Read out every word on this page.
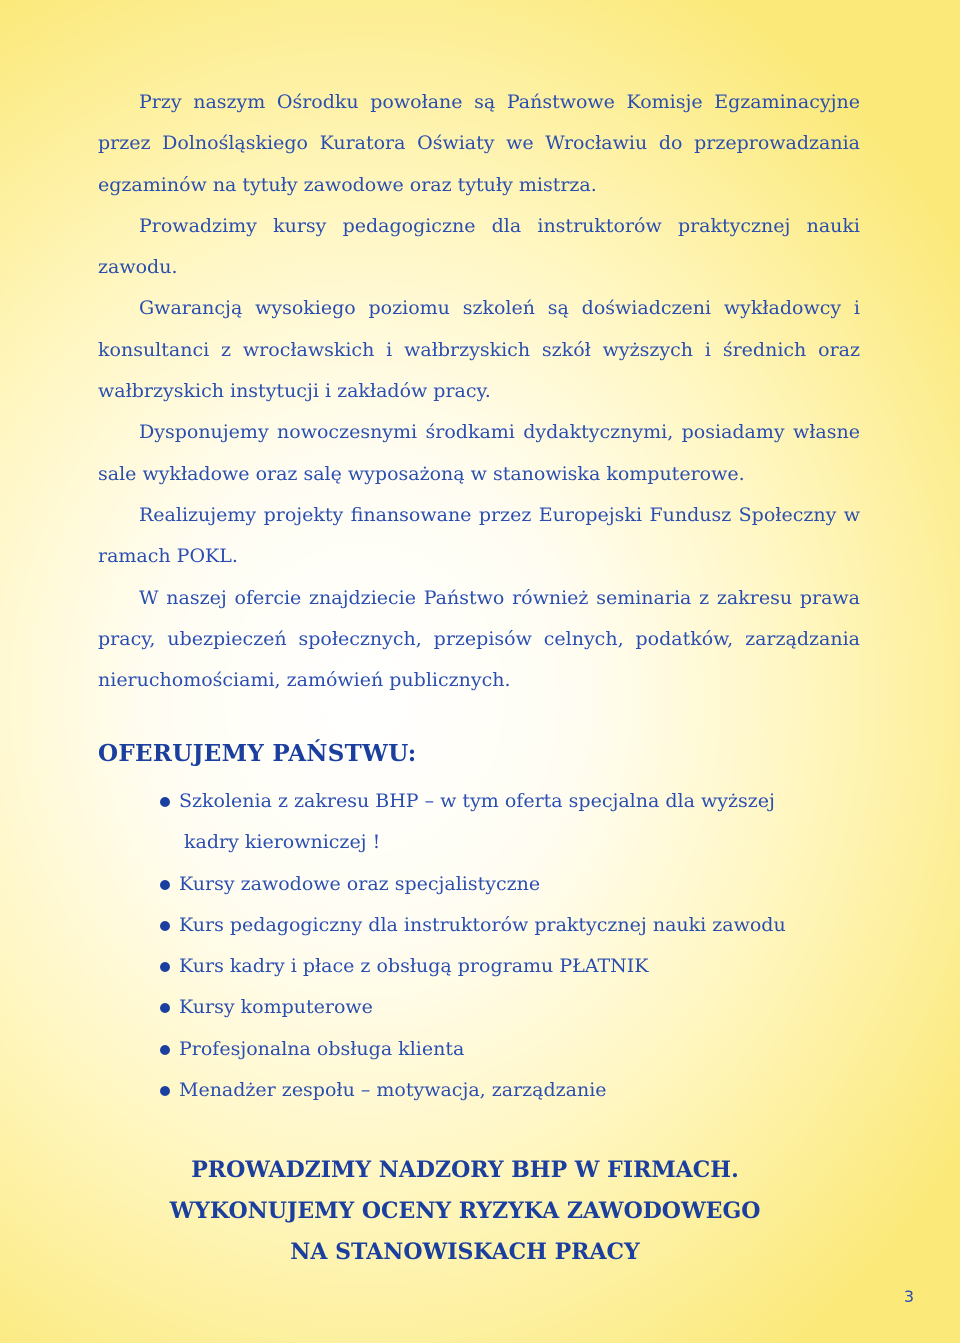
Przy naszym Ośrodku powołane są Państwowe Komisje Egzaminacyjne przez Dolnośląskiego Kuratora Oświaty we Wrocławiu do przeprowadzania egzaminów na tytuły zawodowe oraz tytuły mistrza.

Prowadzimy kursy pedagogiczne dla instruktorów praktycznej nauki zawodu.

Gwarancją wysokiego poziomu szkoleń są doświadczeni wykładowcy i konsultanci z wrocławskich i wałbrzyskich szkół wyższych i średnich oraz wałbrzyskich instytucji i zakładów pracy.

Dysponujemy nowoczesnymi środkami dydaktycznymi, posiadamy własne sale wykładowe oraz salę wyposażoną w stanowiska komputerowe.

Realizujemy projekty finansowane przez Europejski Fundusz Społeczny w ramach POKL.

W naszej ofercie znajdziecie Państwo również seminaria z zakresu prawa pracy, ubezpieczeń społecznych, przepisów celnych, podatków, zarządzania nieruchomościami, zamówień publicznych.

OFERUJEMY PAŃSTWU:
Szkolenia z zakresu BHP – w tym oferta specjalna dla wyższej
kadry kierowniczej !
Kursy zawodowe oraz specjalistyczne
Kurs pedagogiczny dla instruktorów praktycznej nauki zawodu
Kurs kadry i płace z obsługą programu PŁATNIK
Kursy komputerowe
Profesjonalna obsługa klienta
Menadżer zespołu – motywacja, zarządzanie
PROWADZIMY NADZORY BHP W FIRMACH.
WYKONUJEMY OCENY RYZYKA ZAWODOWEGO
NA STANOWISKACH PRACY
3
